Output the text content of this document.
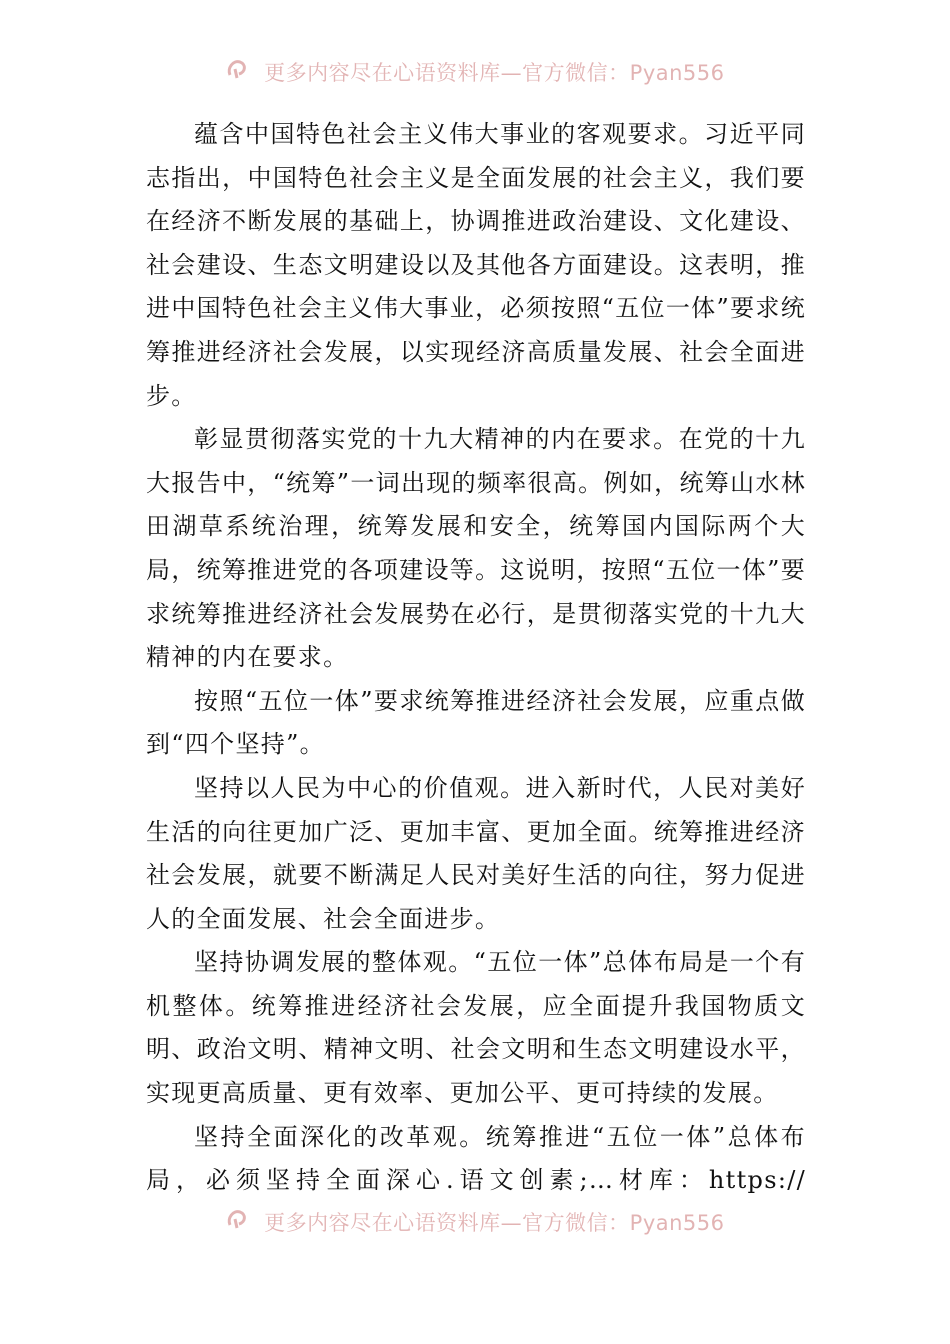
更多内容尽在心语资料库—官方微信：Pyan556

蕴含中国特色社会主义伟大事业的客观要求。习近平同志指出，中国特色社会主义是全面发展的社会主义，我们要在经济不断发展的基础上，协调推进政治建设、文化建设、社会建设、生态文明建设以及其他各方面建设。这表明，推进中国特色社会主义伟大事业，必须按照“五位一体”要求统筹推进经济社会发展，以实现经济高质量发展、社会全面进步。

彰显贯彻落实党的十九大精神的内在要求。在党的十九大报告中，“统筹”一词出现的频率很高。例如，统筹山水林田湖草系统治理，统筹发展和安全，统筹国内国际两个大局，统筹推进党的各项建设等。这说明，按照“五位一体”要求统筹推进经济社会发展势在必行，是贯彻落实党的十九大精神的内在要求。

按照“五位一体”要求统筹推进经济社会发展，应重点做到“四个坚持”。

坚持以人民为中心的价值观。进入新时代，人民对美好生活的向往更加广泛、更加丰富、更加全面。统筹推进经济社会发展，就要不断满足人民对美好生活的向往，努力促进人的全面发展、社会全面进步。

坚持协调发展的整体观。“五位一体”总体布局是一个有机整体。统筹推进经济社会发展，应全面提升我国物质文明、政治文明、精神文明、社会文明和生态文明建设水平，实现更高质量、更有效率、更加公平、更可持续的发展。

坚持全面深化的改革观。统筹推进“五位一体”总体布局，必须坚持全面深心.语文创素;…材库：https://

更多内容尽在心语资料库—官方微信：Pyan556
